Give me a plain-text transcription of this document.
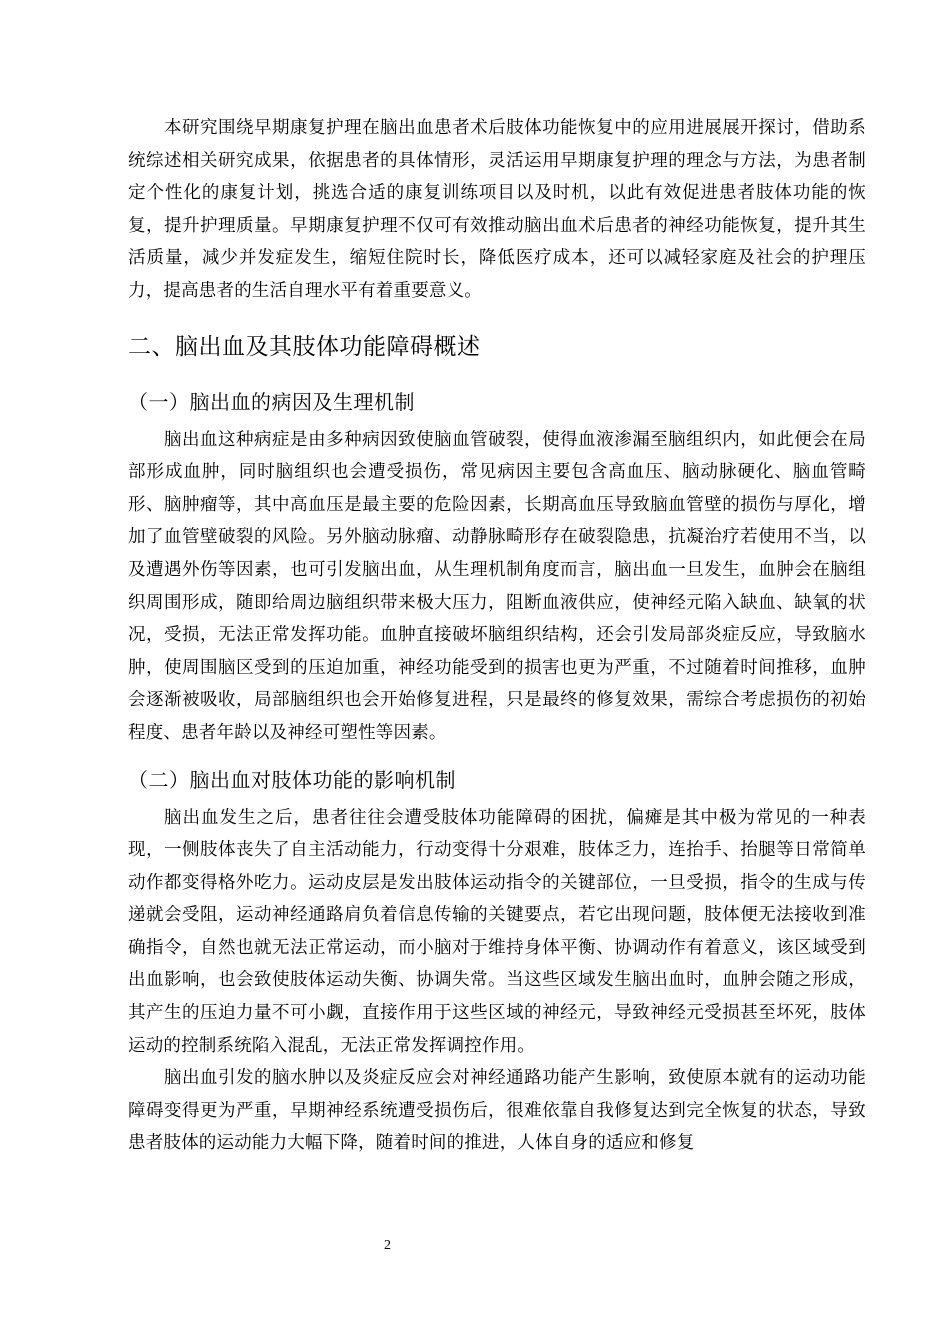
本研究围绕早期康复护理在脑出血患者术后肢体功能恢复中的应用进展展开探讨，借助系统综述相关研究成果，依据患者的具体情形，灵活运用早期康复护理的理念与方法，为患者制定个性化的康复计划，挑选合适的康复训练项目以及时机，以此有效促进患者肢体功能的恢复，提升护理质量。早期康复护理不仅可有效推动脑出血术后患者的神经功能恢复，提升其生活质量，减少并发症发生，缩短住院时长，降低医疗成本，还可以减轻家庭及社会的护理压力，提高患者的生活自理水平有着重要意义。

二、脑出血及其肢体功能障碍概述
（一）脑出血的病因及生理机制

脑出血这种病症是由多种病因致使脑血管破裂，使得血液渗漏至脑组织内，如此便会在局部形成血肿，同时脑组织也会遭受损伤，常见病因主要包含高血压、脑动脉硬化、脑血管畸形、脑肿瘤等，其中高血压是最主要的危险因素，长期高血压导致脑血管壁的损伤与厚化，增加了血管壁破裂的风险。另外脑动脉瘤、动静脉畸形存在破裂隐患，抗凝治疗若使用不当，以及遭遇外伤等因素，也可引发脑出血，从生理机制角度而言，脑出血一旦发生，血肿会在脑组织周围形成，随即给周边脑组织带来极大压力，阻断血液供应，使神经元陷入缺血、缺氧的状况，受损，无法正常发挥功能。血肿直接破坏脑组织结构，还会引发局部炎症反应，导致脑水肿，使周围脑区受到的压迫加重，神经功能受到的损害也更为严重，不过随着时间推移，血肿会逐渐被吸收，局部脑组织也会开始修复进程，只是最终的修复效果，需综合考虑损伤的初始程度、患者年龄以及神经可塑性等因素。

（二）脑出血对肢体功能的影响机制

脑出血发生之后，患者往往会遭受肢体功能障碍的困扰，偏瘫是其中极为常见的一种表现，一侧肢体丧失了自主活动能力，行动变得十分艰难，肢体乏力，连抬手、抬腿等日常简单动作都变得格外吃力。运动皮层是发出肢体运动指令的关键部位，一旦受损，指令的生成与传递就会受阻，运动神经通路肩负着信息传输的关键要点，若它出现问题，肢体便无法接收到准确指令，自然也就无法正常运动，而小脑对于维持身体平衡、协调动作有着意义，该区域受到出血影响，也会致使肢体运动失衡、协调失常。当这些区域发生脑出血时，血肿会随之形成，其产生的压迫力量不可小觑，直接作用于这些区域的神经元，导致神经元受损甚至坏死，肢体运动的控制系统陷入混乱，无法正常发挥调控作用。

脑出血引发的脑水肿以及炎症反应会对神经通路功能产生影响，致使原本就有的运动功能障碍变得更为严重，早期神经系统遭受损伤后，很难依靠自我修复达到完全恢复的状态，导致患者肢体的运动能力大幅下降，随着时间的推进，人体自身的适应和修复

2
